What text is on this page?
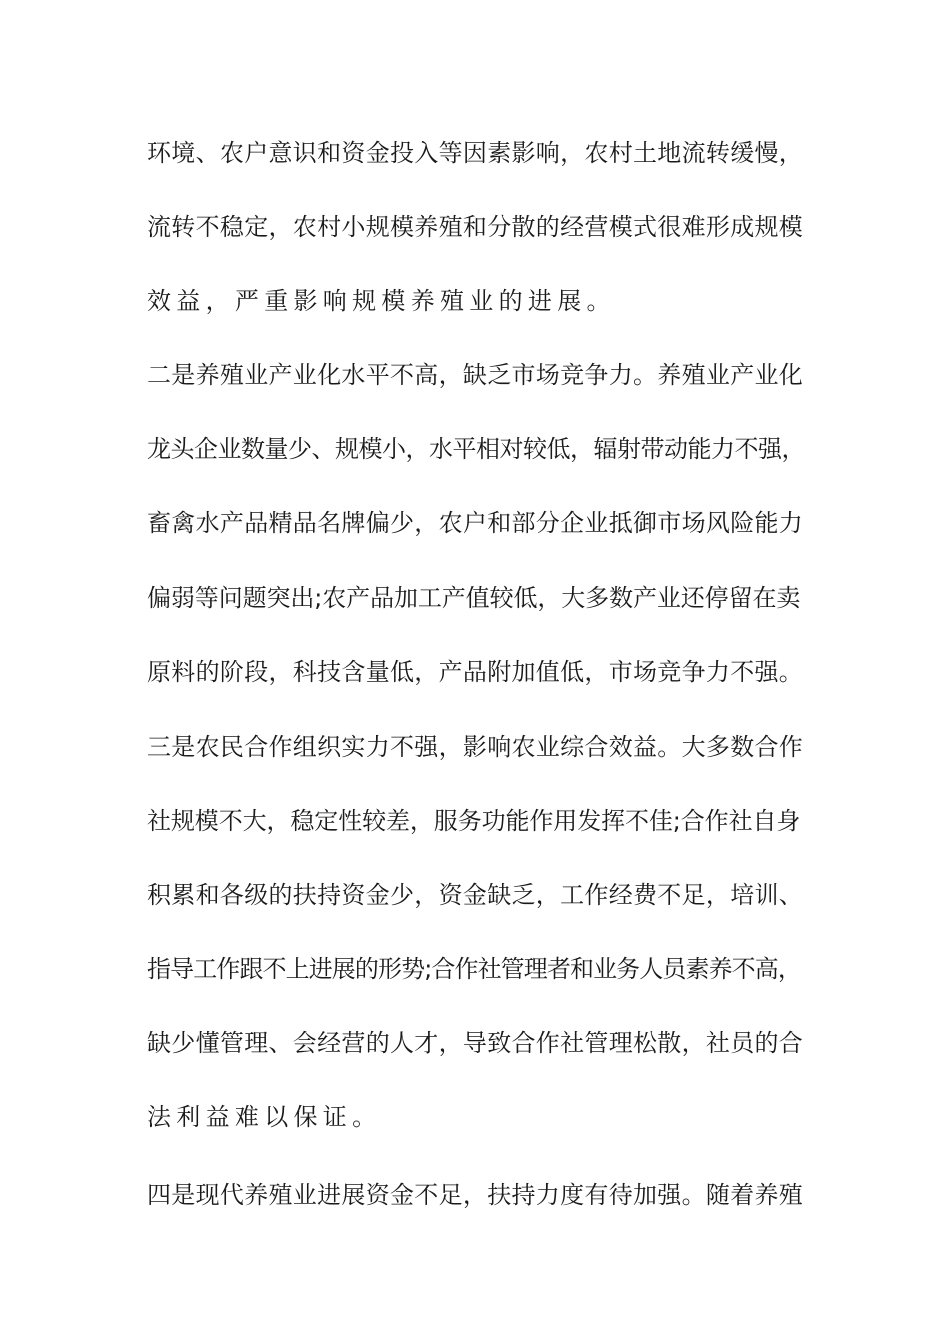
环境、农户意识和资金投入等因素影响，农村土地流转缓慢，
流转不稳定，农村小规模养殖和分散的经营模式很难形成规模
效益，严重影响规模养殖业的进展。
二是养殖业产业化水平不高，缺乏市场竞争力。养殖业产业化
龙头企业数量少、规模小，水平相对较低，辐射带动能力不强，
畜禽水产品精品名牌偏少，农户和部分企业抵御市场风险能力
偏弱等问题突出;农产品加工产值较低，大多数产业还停留在卖
原料的阶段，科技含量低，产品附加值低，市场竞争力不强。
三是农民合作组织实力不强，影响农业综合效益。大多数合作
社规模不大，稳定性较差，服务功能作用发挥不佳;合作社自身
积累和各级的扶持资金少，资金缺乏，工作经费不足，培训、
指导工作跟不上进展的形势;合作社管理者和业务人员素养不高，
缺少懂管理、会经营的人才，导致合作社管理松散，社员的合
法利益难以保证。
四是现代养殖业进展资金不足，扶持力度有待加强。随着养殖
